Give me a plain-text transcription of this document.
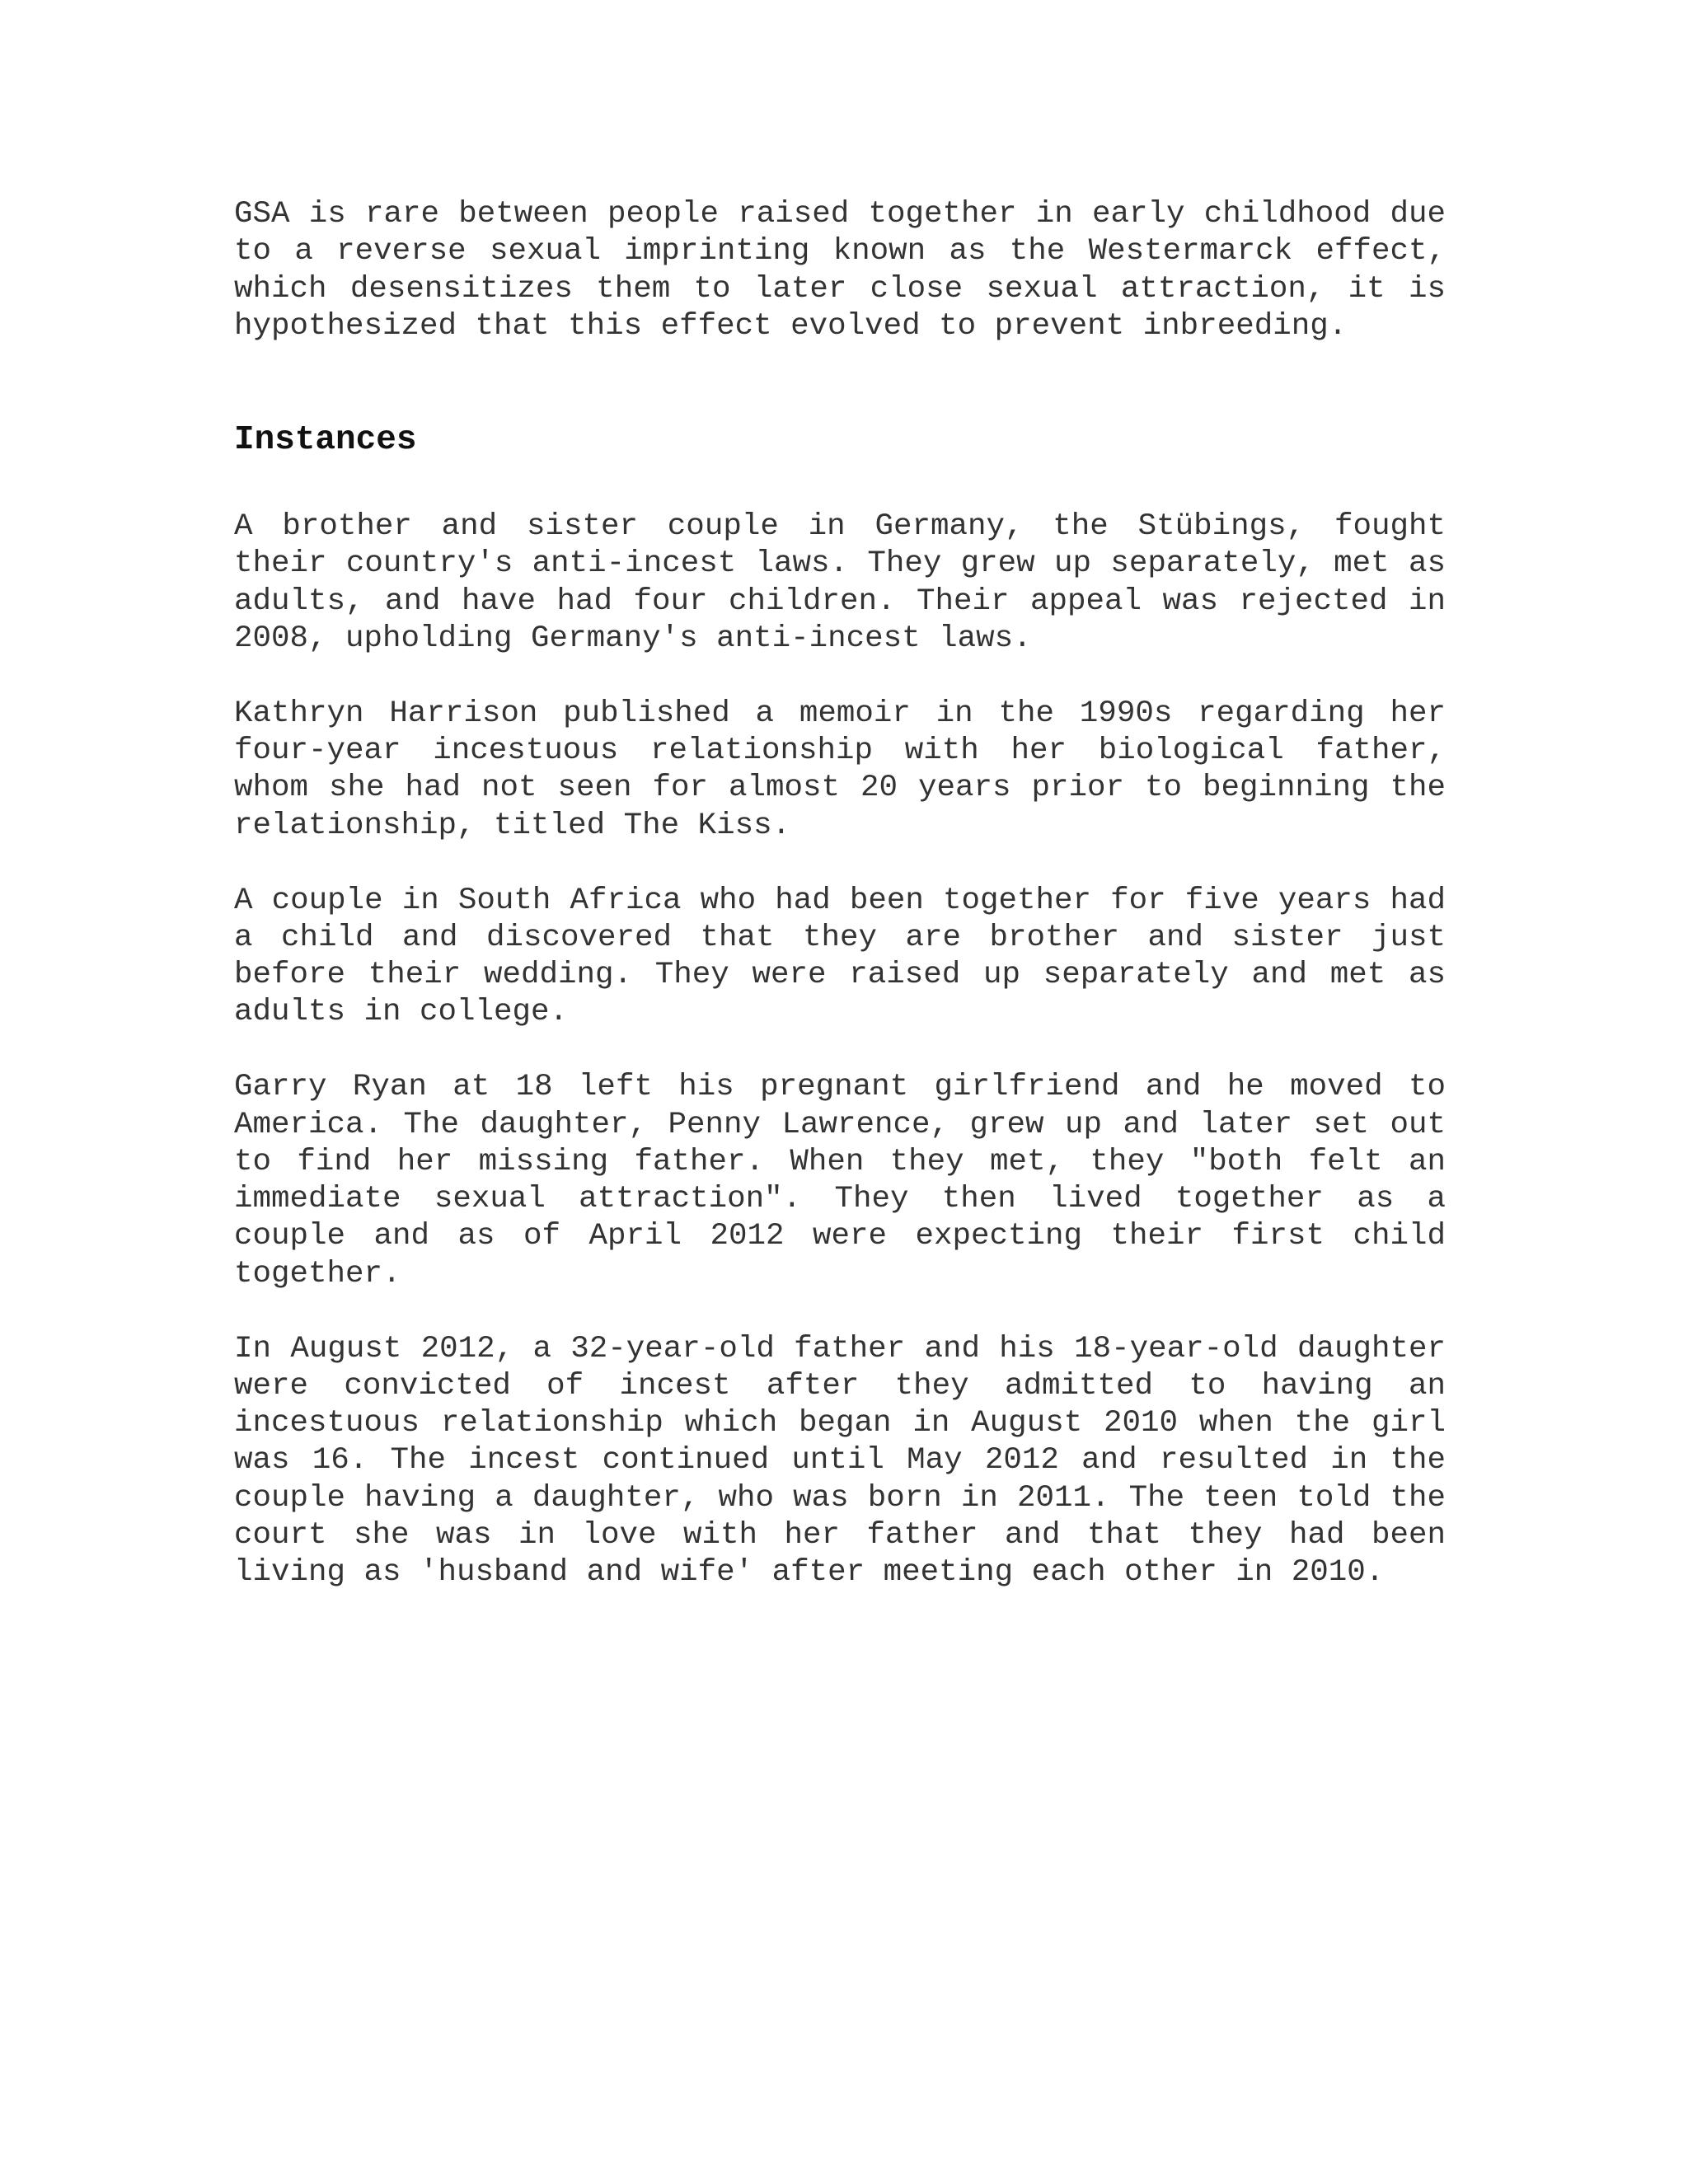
GSA is rare between people raised together in early childhood due to a reverse sexual imprinting known as the Westermarck effect, which desensitizes them to later close sexual attraction, it is hypothesized that this effect evolved to prevent inbreeding.

Instances

A brother and sister couple in Germany, the Stübings, fought their country's anti-incest laws. They grew up separately, met as adults, and have had four children. Their appeal was rejected in 2008, upholding Germany's anti-incest laws.

Kathryn Harrison published a memoir in the 1990s regarding her four-year incestuous relationship with her biological father, whom she had not seen for almost 20 years prior to beginning the relationship, titled The Kiss.

A couple in South Africa who had been together for five years had a child and discovered that they are brother and sister just before their wedding. They were raised up separately and met as adults in college.

Garry Ryan at 18 left his pregnant girlfriend and he moved to America. The daughter, Penny Lawrence, grew up and later set out to find her missing father. When they met, they "both felt an immediate sexual attraction". They then lived together as a couple and as of April 2012 were expecting their first child together.

In August 2012, a 32-year-old father and his 18-year-old daughter were convicted of incest after they admitted to having an incestuous relationship which began in August 2010 when the girl was 16. The incest continued until May 2012 and resulted in the couple having a daughter, who was born in 2011. The teen told the court she was in love with her father and that they had been living as 'husband and wife' after meeting each other in 2010.
